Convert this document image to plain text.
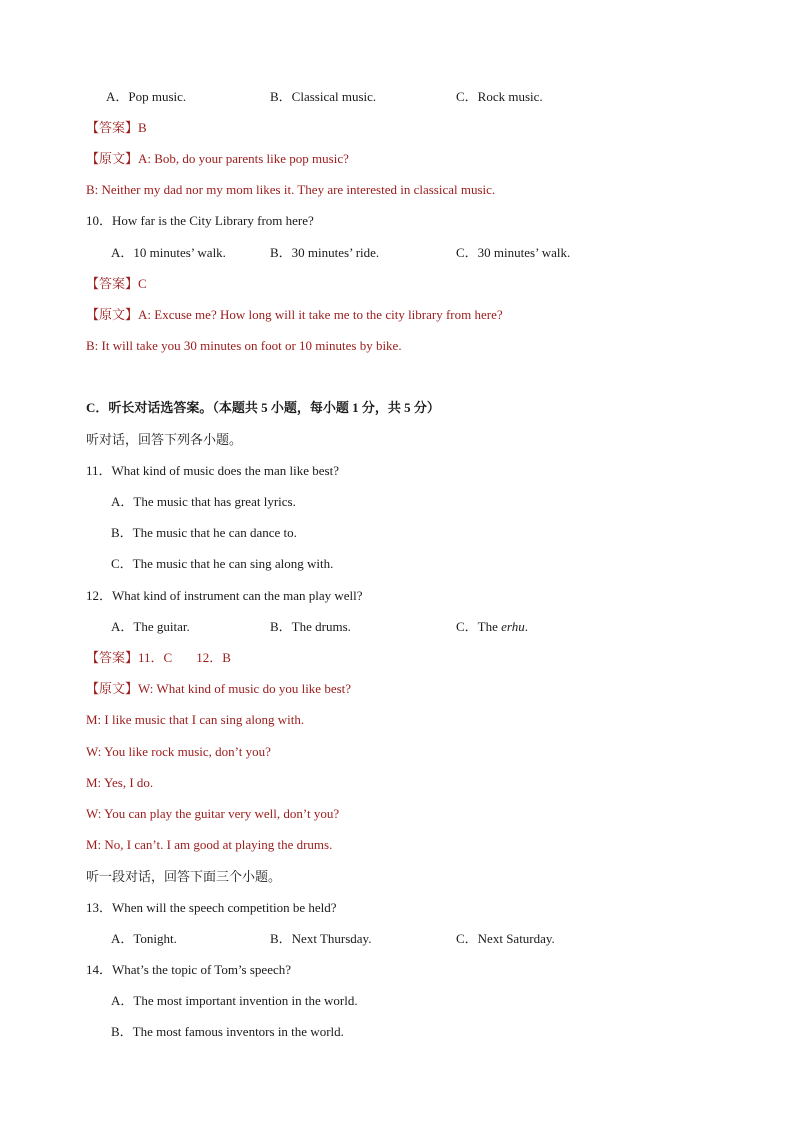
A．Pop music.	B．Classical music.	C．Rock music.
【答案】B
【原文】A: Bob, do your parents like pop music?
B: Neither my dad nor my mom likes it. They are interested in classical music.
10．How far is the City Library from here?
A．10 minutes’ walk.	B．30 minutes’ ride.	C．30 minutes’ walk.
【答案】C
【原文】A: Excuse me? How long will it take me to the city library from here?
B: It will take you 30 minutes on foot or 10 minutes by bike.
C．听长对话选答案。（本题共 5 小题，每小题 1 分，共 5 分）
听对话，回答下列各小题。
11．What kind of music does the man like best?
A．The music that has great lyrics.
B．The music that he can dance to.
C．The music that he can sing along with.
12．What kind of instrument can the man play well?
A．The guitar.	B．The drums.	C．The erhu.
【答案】11．C 12．B
【原文】W: What kind of music do you like best?
M: I like music that I can sing along with.
W: You like rock music, don’t you?
M: Yes, I do.
W: You can play the guitar very well, don’t you?
M: No, I can’t. I am good at playing the drums.
听一段对话，回答下面三个小题。
13．When will the speech competition be held?
A．Tonight.	B．Next Thursday.	C．Next Saturday.
14．What’s the topic of Tom’s speech?
A．The most important invention in the world.
B．The most famous inventors in the world.
